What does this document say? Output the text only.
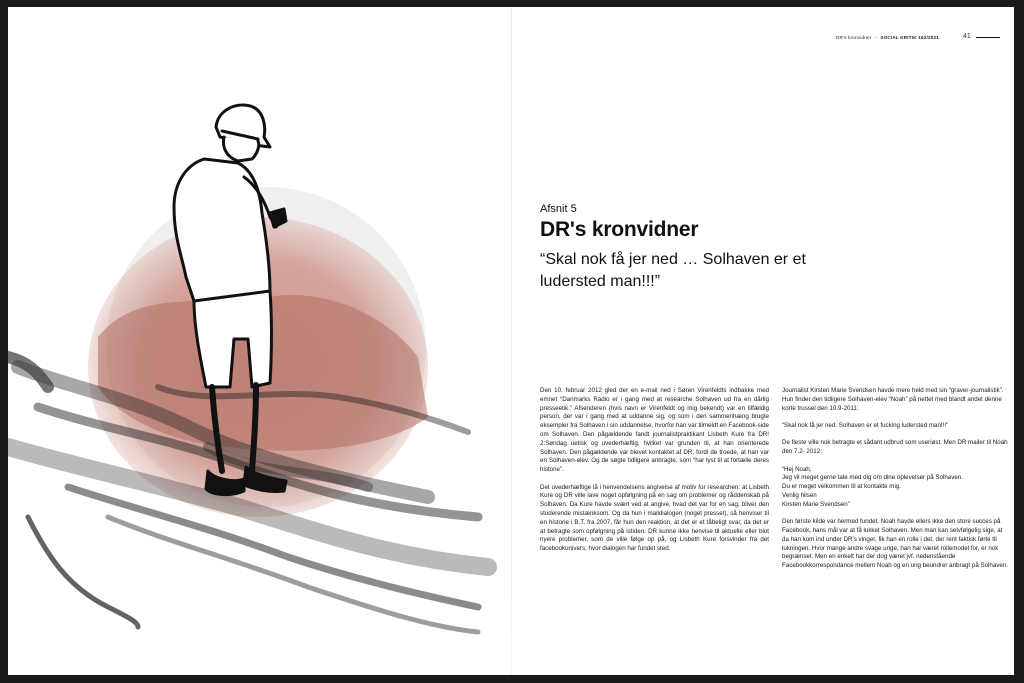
DR's kronvidner – SOCIAL KRITIK 162/2021	41
Afsnit 5
DR's kronvidner

“Skal nok få jer ned … Solhaven er et ludersted man!!!”

Den 10. februar 2012 gled der en e-mail ned i Søren Virenfeldts indbakke med emnet “Danmarks Radio er i gang med at researche Solhaven ud fra en dårlig presseetik.” Afsenderen (hvis navn er Virenfeldt og mig bekendt) var en tilfældig person, der var i gang med at uddanne sig, og som i den sammenhæng brugte eksempler fra Solhaven i sin uddannelse, hvorfor han var tilmeldt en Facebook-side om Solhaven. Den pågældende fandt journalistpraktikant Lisbeth Kure fra DR! 2:Søndag uetisk og uvederhæftig, hvilket var grunden til, at han orienterede Solhaven. Den pågældende var blevet kontaktet af DR, fordi de troede, at han var en Solhaven-elev. Og de søgte tidligere anbragte, som “har lyst til at fortælle deres historie”.

Det uvederhæftige lå i henvendelsens angivelse af motiv for researchen: at Lisbeth Kure og DR ville lave noget opfølgning på en sag om problemer og råddenskab på Solhaven. Da Kure havde svært ved at angive, hvad det var for en sag, bliver den studerende mistænksom. Og da hun i maildialogen (noget presset), så henviser til en historie i B.T. fra 2007, får hun den reaktion, at det er et tåbeligt svar, da det er at betragte som opfølgning på istiden. DR kunne ikke henvise til aktuelle eller blot nyere problemer, som de ville følge op på, og Lisbeth Kure forsvinder fra det facebookunivers, hvor dialogen har fundet sted.

Journalist Kirsten Marie Svendsen havde mere held med sin “graver-journalistik”. Hun finder den tidligere Solhaven-elev “Noah” på nettet med blandt andet denne korte trussel den 10.9-2011:

“Skal nok få jer ned. Solhaven er et fucking ludersted man!!!”

De fleste ville nok betragte et sådant udbrud som useriøst. Men DR mailer til Noah den 7.2- 2012:

“Hej Noah,

Jeg vil meget gerne tale med dig om dine oplevelser på Solhaven.

Du er meget velkommen til at kontakte mig.

Venlig hilsen

Kirsten Marie Svendsen”

Den første kilde var hermed fundet. Noah havde ellers ikke den store succes på Facebook, hans mål var at få lukket Solhaven. Men man kan selvfølgelig sige, at da han kom ind under DR's vinger, fik han en rolle i det, der rent faktisk førte til lukningen. Hvor mange andre svage unge, han har været rollemodel for, er nok begrænset. Men en enkelt har der dog været jvf. nedenstående Facebookkorrespondance mellem Noah og en ung beundrer anbragt på Solhaven.
